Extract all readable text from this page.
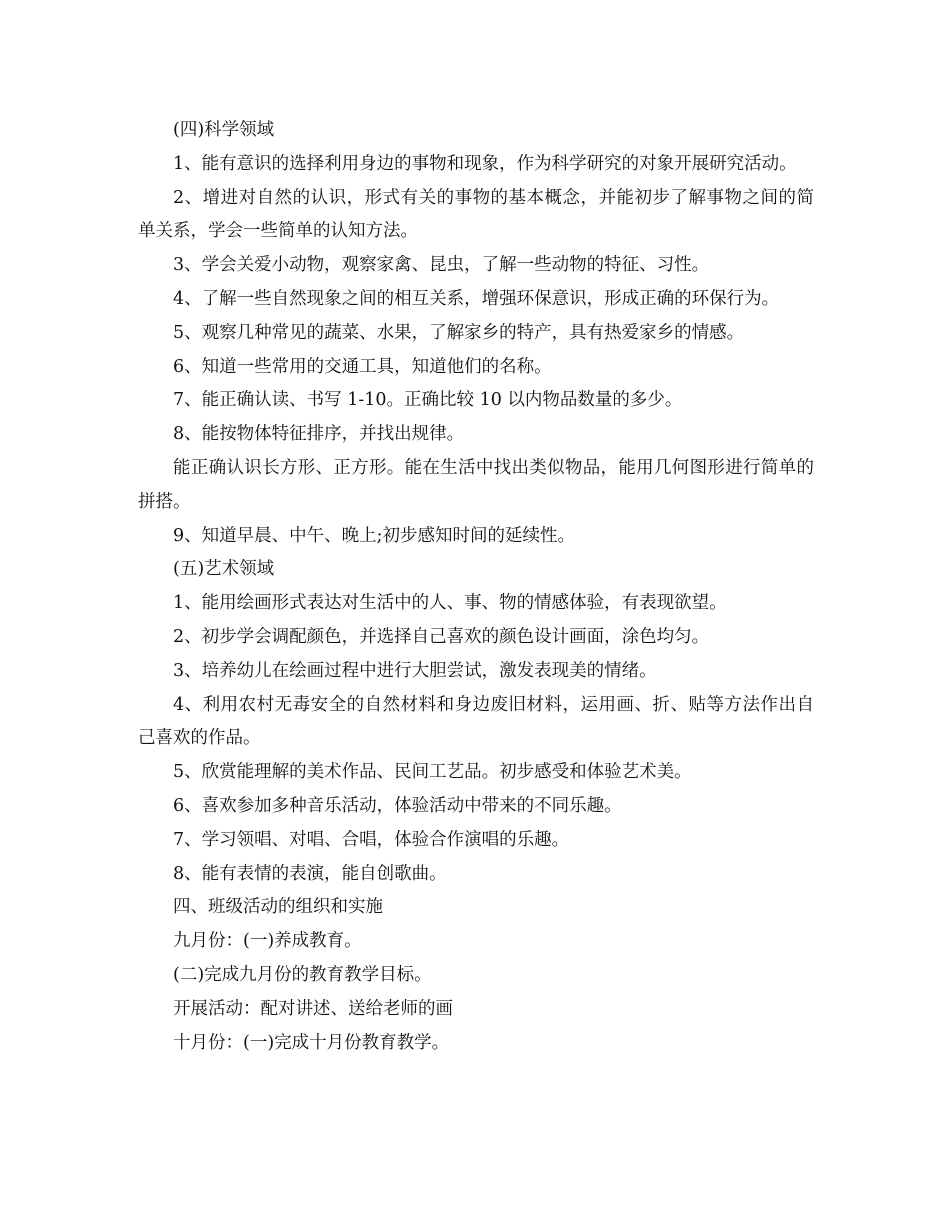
(四)科学领域

1、能有意识的选择利用身边的事物和现象，作为科学研究的对象开展研究活动。

2、增进对自然的认识，形式有关的事物的基本概念，并能初步了解事物之间的简单关系，学会一些简单的认知方法。

3、学会关爱小动物，观察家禽、昆虫，了解一些动物的特征、习性。

4、了解一些自然现象之间的相互关系，增强环保意识，形成正确的环保行为。

5、观察几种常见的蔬菜、水果，了解家乡的特产，具有热爱家乡的情感。

6、知道一些常用的交通工具，知道他们的名称。

7、能正确认读、书写 1-10。正确比较 10 以内物品数量的多少。

8、能按物体特征排序，并找出规律。

能正确认识长方形、正方形。能在生活中找出类似物品，能用几何图形进行简单的拼搭。

9、知道早晨、中午、晚上;初步感知时间的延续性。

(五)艺术领域

1、能用绘画形式表达对生活中的人、事、物的情感体验，有表现欲望。

2、初步学会调配颜色，并选择自己喜欢的颜色设计画面，涂色均匀。

3、培养幼儿在绘画过程中进行大胆尝试，激发表现美的情绪。

4、利用农村无毒安全的自然材料和身边废旧材料，运用画、折、贴等方法作出自己喜欢的作品。

5、欣赏能理解的美术作品、民间工艺品。初步感受和体验艺术美。

6、喜欢参加多种音乐活动，体验活动中带来的不同乐趣。

7、学习领唱、对唱、合唱，体验合作演唱的乐趣。

8、能有表情的表演，能自创歌曲。

四、班级活动的组织和实施

九月份：(一)养成教育。

(二)完成九月份的教育教学目标。

开展活动：配对讲述、送给老师的画

十月份：(一)完成十月份教育教学。
